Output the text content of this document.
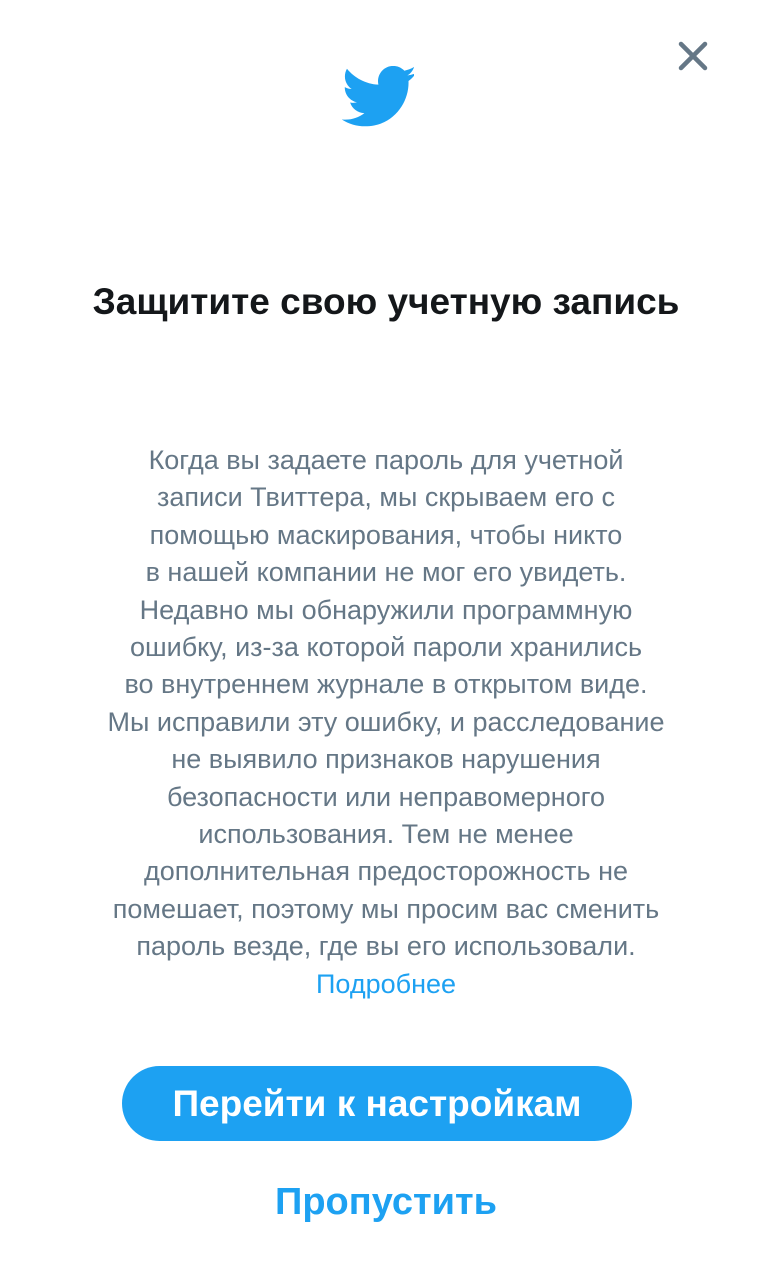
Защитите свою учетную запись

Когда вы задаете пароль для учетной
записи Твиттера, мы скрываем его с
помощью маскирования, чтобы никто
в нашей компании не мог его увидеть.
Недавно мы обнаружили программную
ошибку, из-за которой пароли хранились
во внутреннем журнале в открытом виде.
Мы исправили эту ошибку, и расследование
не выявило признаков нарушения
безопасности или неправомерного
использования. Тем не менее
дополнительная предосторожность не
помешает, поэтому мы просим вас сменить
пароль везде, где вы его использовали.

Подробнее
Перейти к настройкам
Пропустить
